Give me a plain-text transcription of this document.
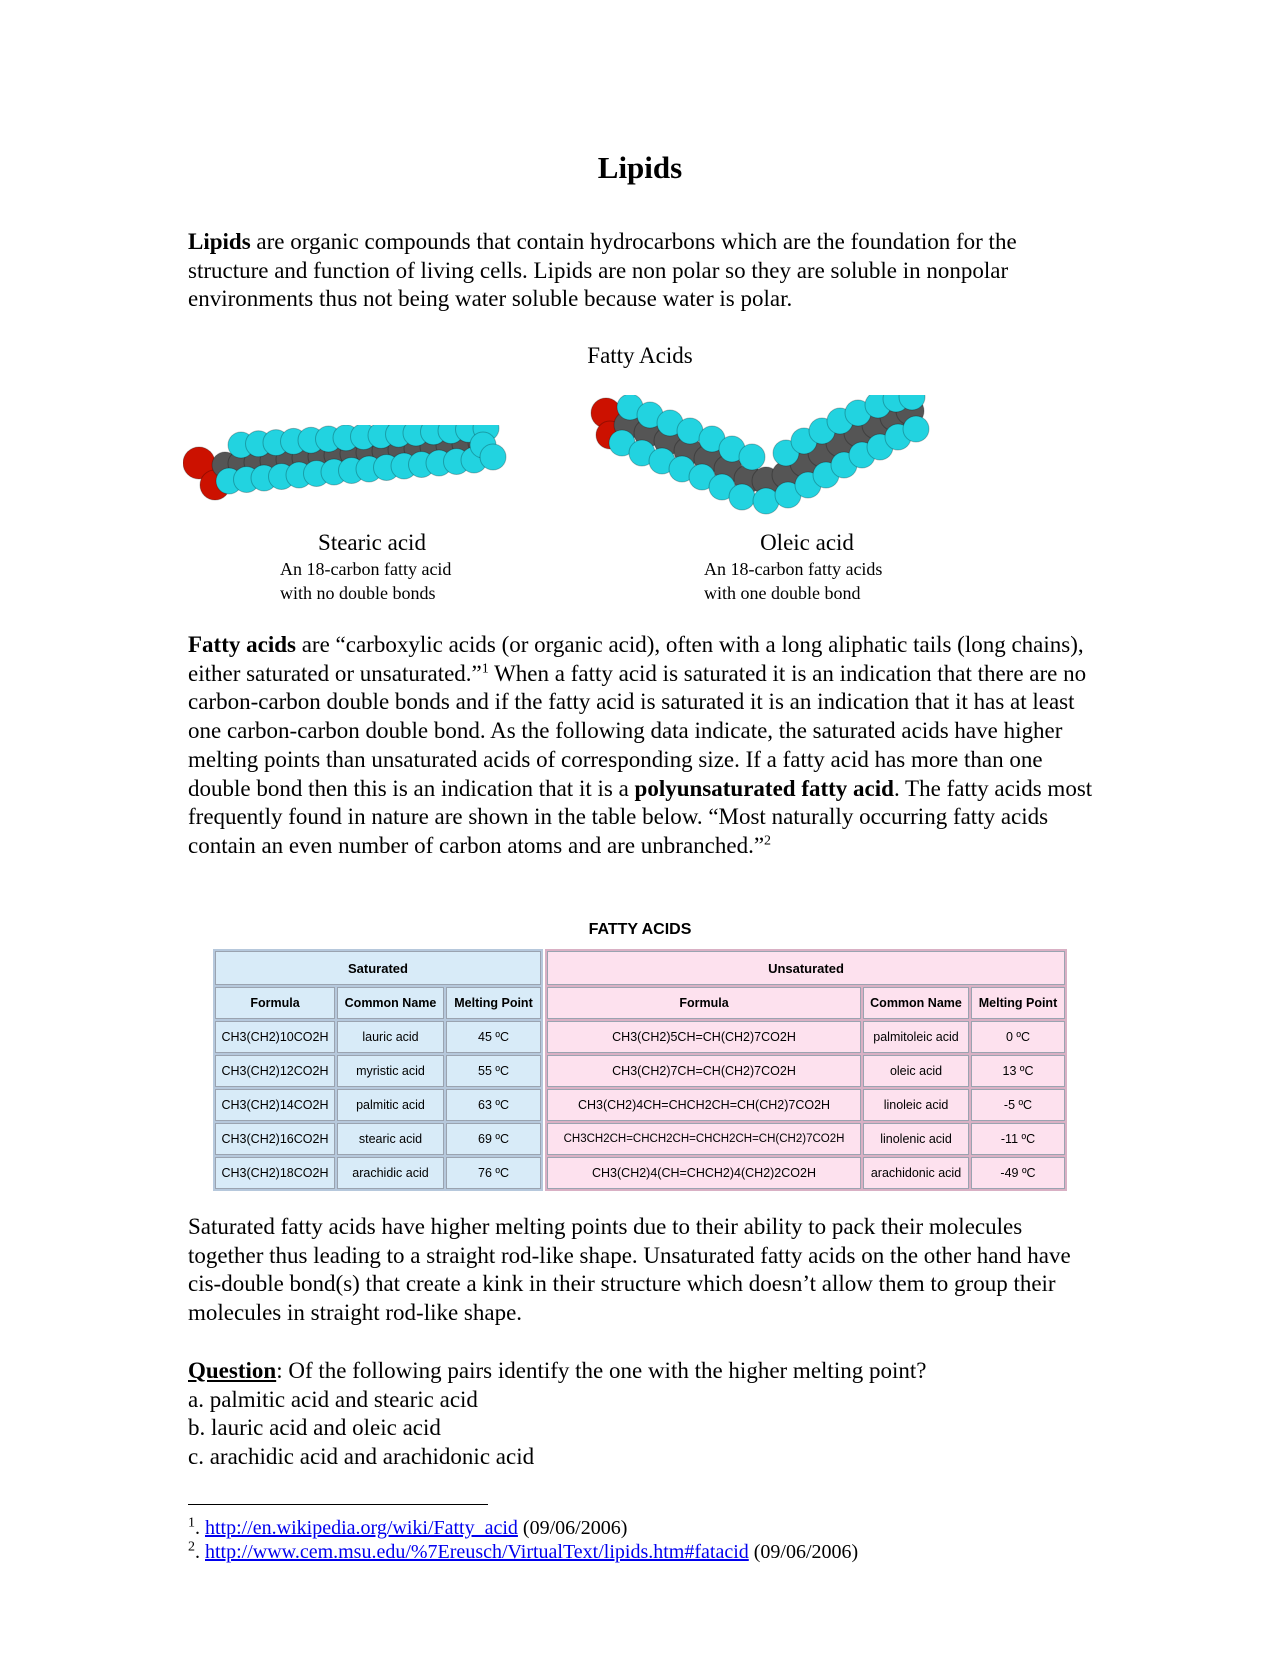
Lipids
Lipids are organic compounds that contain hydrocarbons which are the foundation for the structure and function of living cells. Lipids are non polar so they are soluble in nonpolar environments thus not being water soluble because water is polar.
Fatty Acids
Stearic acid
An 18-carbon fatty acid
with no double bonds
Oleic acid
An 18-carbon fatty acids
with one double bond
Fatty acids are “carboxylic acids (or organic acid), often with a long aliphatic tails (long chains), either saturated or unsaturated.”$^1$ When a fatty acid is saturated it is an indication that there are no carbon-carbon double bonds and if the fatty acid is saturated it is an indication that it has at least one carbon-carbon double bond. As the following data indicate, the saturated acids have higher melting points than unsaturated acids of corresponding size. If a fatty acid has more than one double bond then this is an indication that it is a polyunsaturated fatty acid. The fatty acids most frequently found in nature are shown in the table below. “Most naturally occurring fatty acids contain an even number of carbon atoms and are unbranched.”$^2$
FATTY ACIDS
Saturated		
Formula	Common Name	Melting Point
CH3(CH2)10CO2H	lauric acid	45 ºC
CH3(CH2)12CO2H	myristic acid	55 ºC
CH3(CH2)14CO2H	palmitic acid	63 ºC
CH3(CH2)16CO2H	stearic acid	69 ºC
CH3(CH2)18CO2H	arachidic acid	76 ºC
Unsaturated		
Formula	Common Name	Melting Point
CH3(CH2)5CH=CH(CH2)7CO2H	palmitoleic acid	0 ºC
CH3(CH2)7CH=CH(CH2)7CO2H	oleic acid	13 ºC
CH3(CH2)4CH=CHCH2CH=CH(CH2)7CO2H	linoleic acid	-5 ºC
CH3CH2CH=CHCH2CH=CHCH2CH=CH(CH2)7CO2H	linolenic acid	-11 ºC
CH3(CH2)4(CH=CHCH2)4(CH2)2CO2H	arachidonic acid	-49 ºC
Saturated fatty acids have higher melting points due to their ability to pack their molecules together thus leading to a straight rod-like shape. Unsaturated fatty acids on the other hand have cis-double bond(s) that create a kink in their structure which doesn’t allow them to group their molecules in straight rod-like shape.
Question: Of the following pairs identify the one with the higher melting point?
a. palmitic acid and stearic acid
b. lauric acid and oleic acid
c. arachidic acid and arachidonic acid
$^1$. http://en.wikipedia.org/wiki/Fatty_acid (09/06/2006)
$^2$. http://www.cem.msu.edu/%7Ereusch/VirtualText/lipids.htm#fatacid (09/06/2006)
